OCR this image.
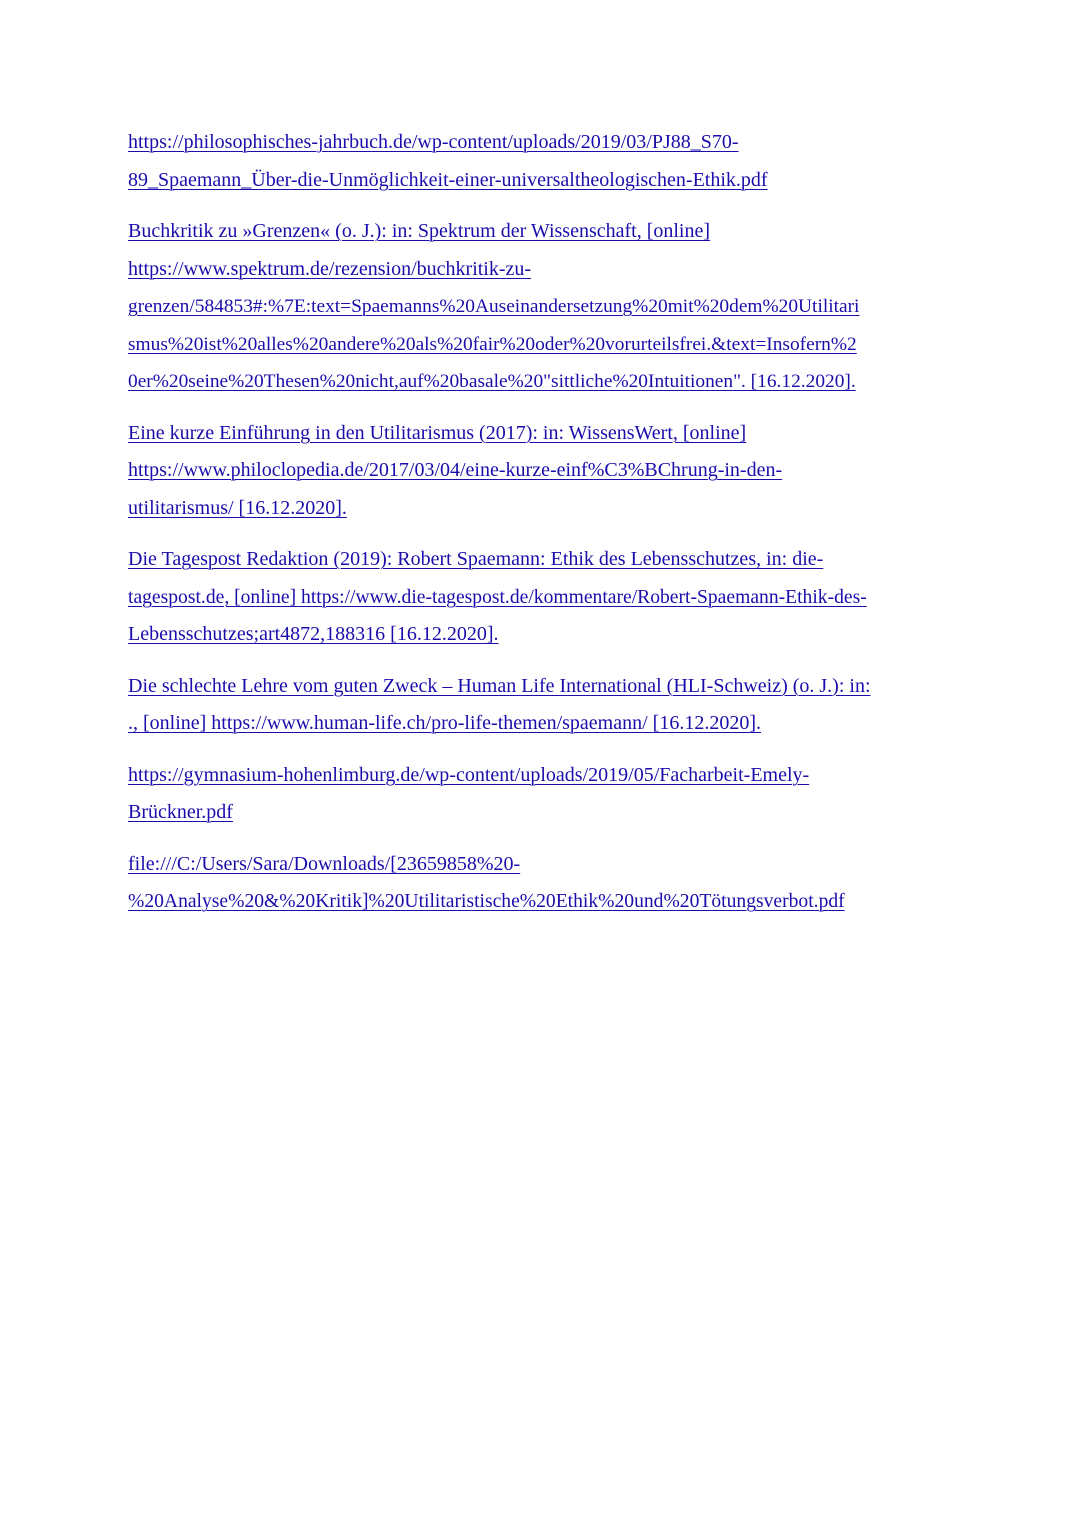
https://philosophisches-jahrbuch.de/wp-content/uploads/2019/03/PJ88_S70-
89_Spaemann_Über-die-Unmöglichkeit-einer-universaltheologischen-Ethik.pdf
Buchkritik zu »Grenzen« (o. J.): in: Spektrum der Wissenschaft, [online]
https://www.spektrum.de/rezension/buchkritik-zu-
grenzen/584853#:%7E:text=Spaemanns%20Auseinandersetzung%20mit%20dem%20Utilitari
smus%20ist%20alles%20andere%20als%20fair%20oder%20vorurteilsfrei.&text=Insofern%2
0er%20seine%20Thesen%20nicht,auf%20basale%20"sittliche%20Intuitionen". [16.12.2020].
Eine kurze Einführung in den Utilitarismus (2017): in: WissensWert, [online]
https://www.philoclopedia.de/2017/03/04/eine-kurze-einf%C3%BChrung-in-den-
utilitarismus/ [16.12.2020].
Die Tagespost Redaktion (2019): Robert Spaemann: Ethik des Lebensschutzes, in: die-
tagespost.de, [online] https://www.die-tagespost.de/kommentare/Robert-Spaemann-Ethik-des-
Lebensschutzes;art4872,188316 [16.12.2020].
Die schlechte Lehre vom guten Zweck – Human Life International (HLI-Schweiz) (o. J.): in:
., [online] https://www.human-life.ch/pro-life-themen/spaemann/ [16.12.2020].
https://gymnasium-hohenlimburg.de/wp-content/uploads/2019/05/Facharbeit-Emely-
Brückner.pdf
file:///C:/Users/Sara/Downloads/[23659858%20-
%20Analyse%20&%20Kritik]%20Utilitaristische%20Ethik%20und%20Tötungsverbot.pdf
